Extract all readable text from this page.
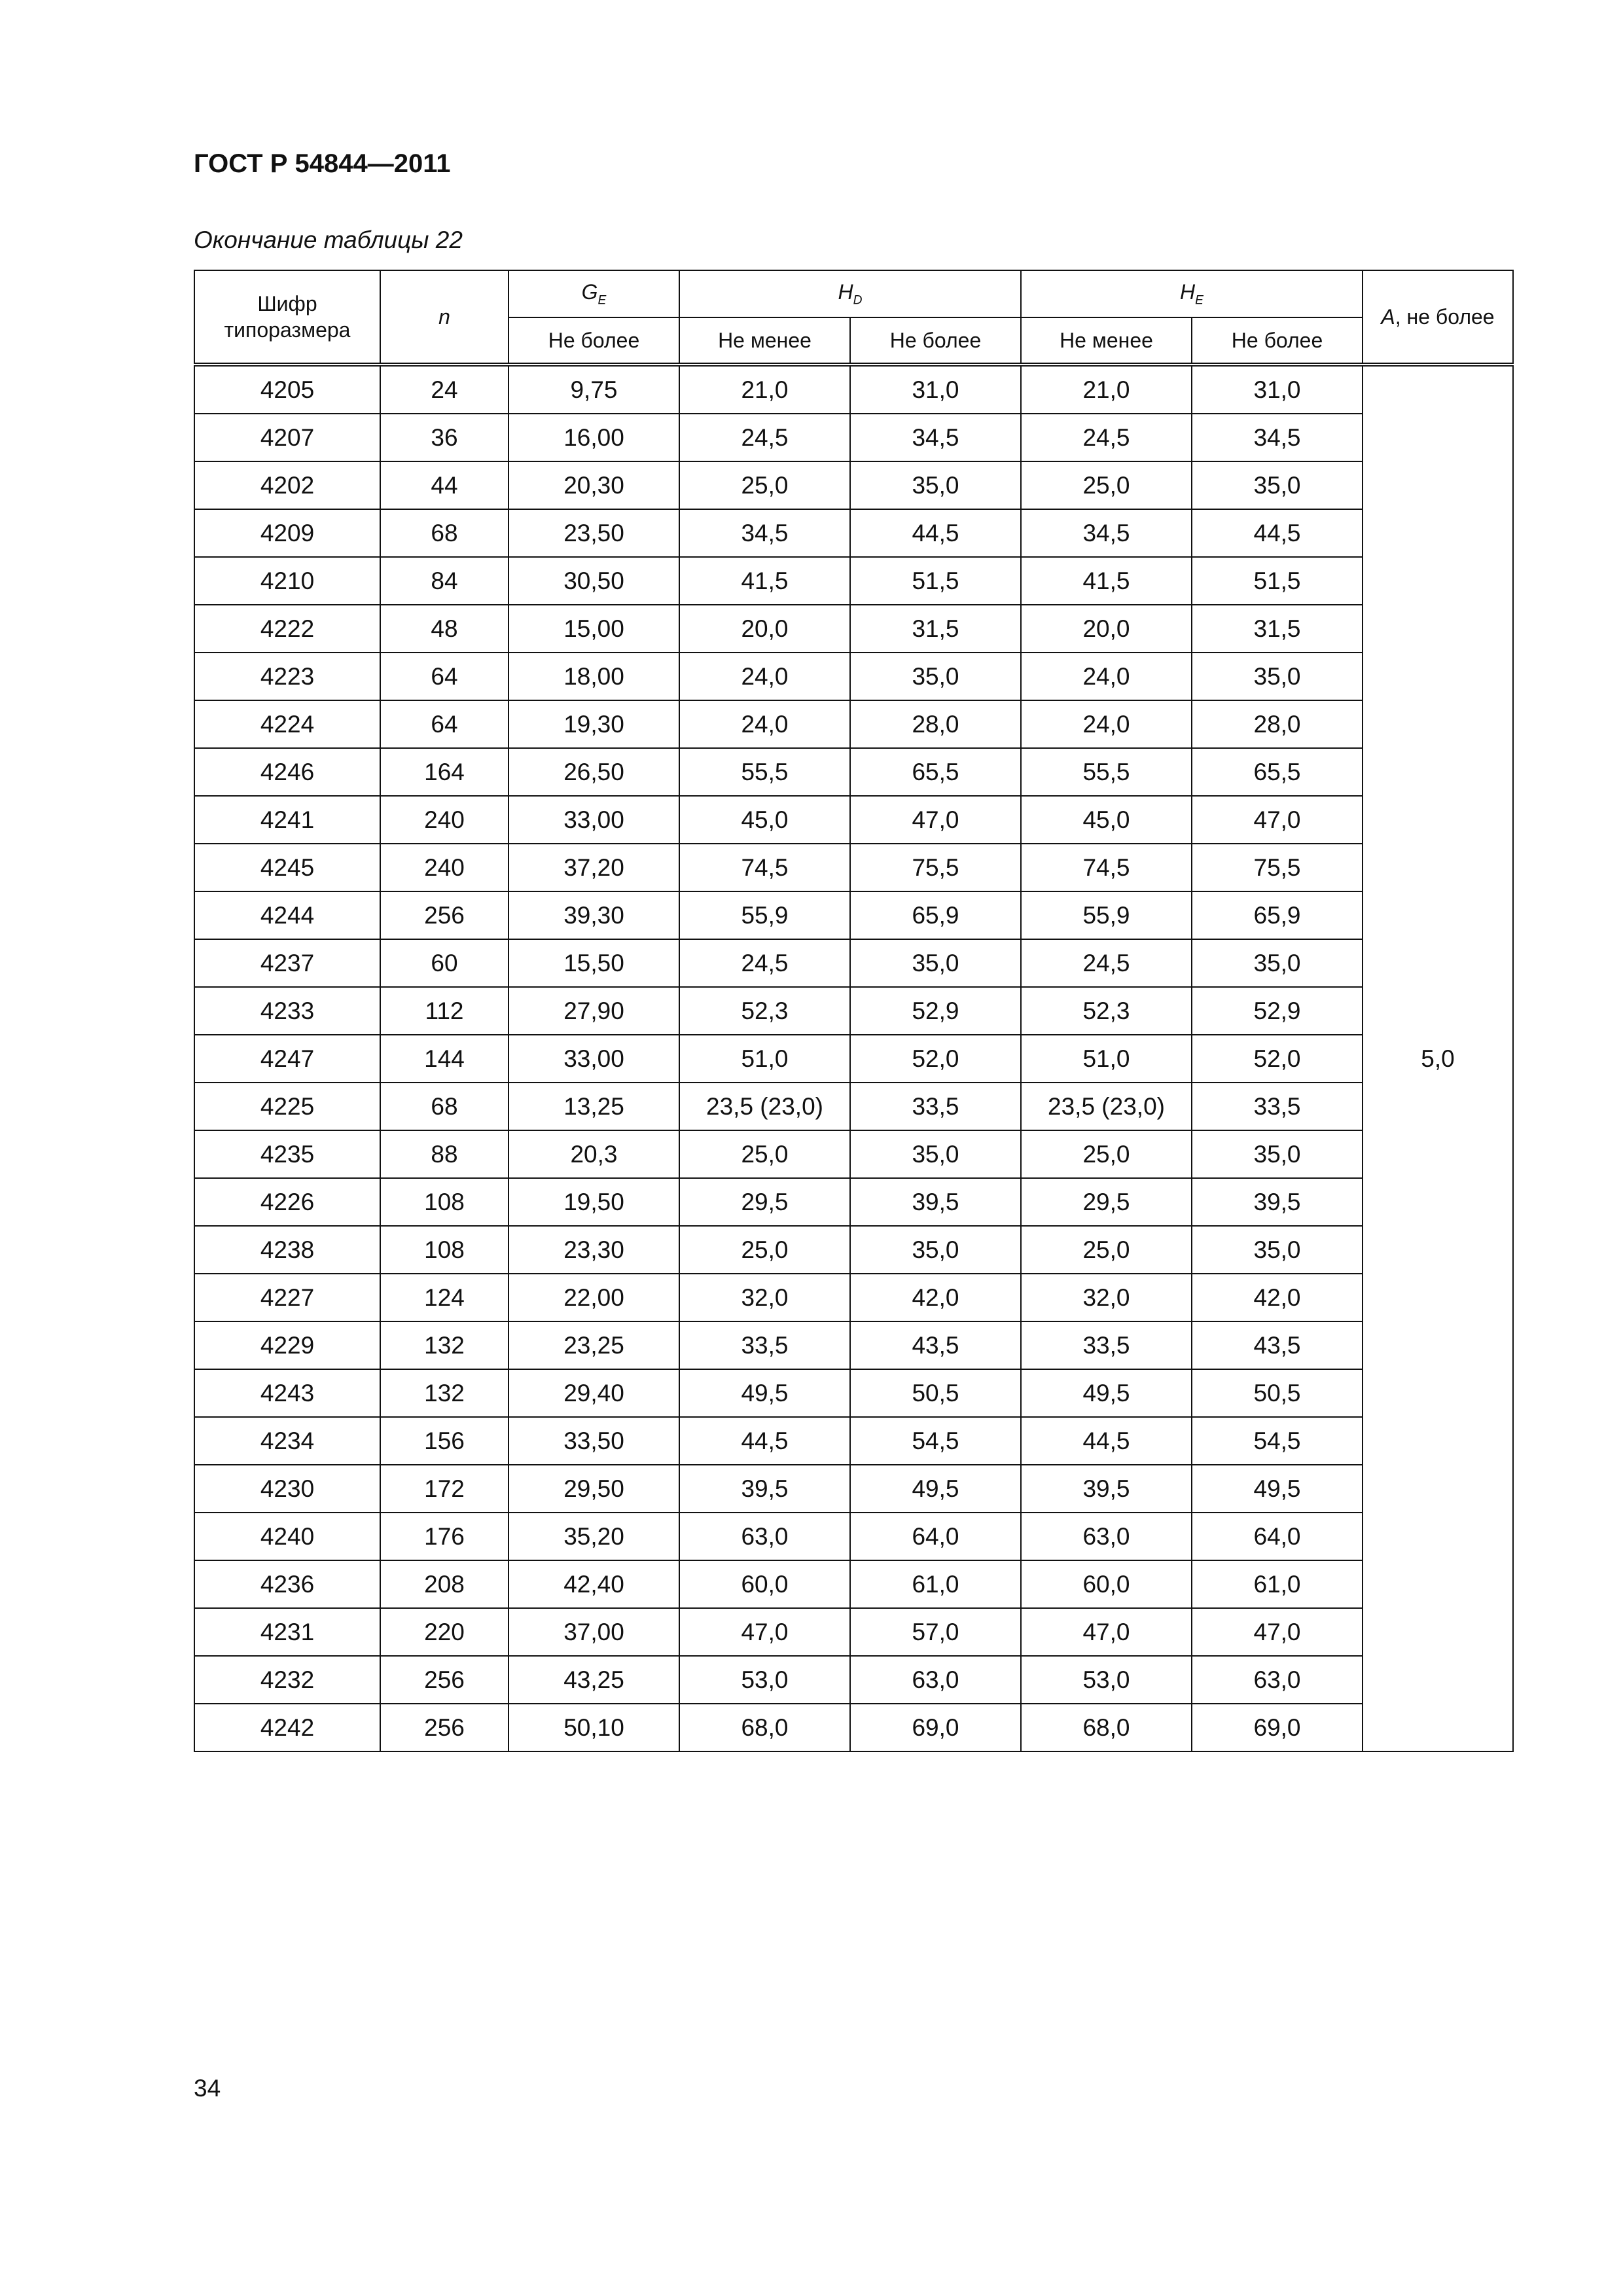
ГОСТ Р 54844—2011
Окончание таблицы 22
Шифр типоразмера	n	$G_E$	$H_D$		$H_E$		A, не более
		Не более	Не менее	Не более	Не менее	Не более	
4205	24	9,75	21,0	31,0	21,0	31,0	5,0
4207	36	16,00	24,5	34,5	24,5	34,5	
4202	44	20,30	25,0	35,0	25,0	35,0	
4209	68	23,50	34,5	44,5	34,5	44,5	
4210	84	30,50	41,5	51,5	41,5	51,5	
4222	48	15,00	20,0	31,5	20,0	31,5	
4223	64	18,00	24,0	35,0	24,0	35,0	
4224	64	19,30	24,0	28,0	24,0	28,0	
4246	164	26,50	55,5	65,5	55,5	65,5	
4241	240	33,00	45,0	47,0	45,0	47,0	
4245	240	37,20	74,5	75,5	74,5	75,5	
4244	256	39,30	55,9	65,9	55,9	65,9	
4237	60	15,50	24,5	35,0	24,5	35,0	
4233	112	27,90	52,3	52,9	52,3	52,9	
4247	144	33,00	51,0	52,0	51,0	52,0	
4225	68	13,25	23,5 (23,0)	33,5	23,5 (23,0)	33,5	
4235	88	20,3	25,0	35,0	25,0	35,0	
4226	108	19,50	29,5	39,5	29,5	39,5	
4238	108	23,30	25,0	35,0	25,0	35,0	
4227	124	22,00	32,0	42,0	32,0	42,0	
4229	132	23,25	33,5	43,5	33,5	43,5	
4243	132	29,40	49,5	50,5	49,5	50,5	
4234	156	33,50	44,5	54,5	44,5	54,5	
4230	172	29,50	39,5	49,5	39,5	49,5	
4240	176	35,20	63,0	64,0	63,0	64,0	
4236	208	42,40	60,0	61,0	60,0	61,0	
4231	220	37,00	47,0	57,0	47,0	47,0	
4232	256	43,25	53,0	63,0	53,0	63,0	
4242	256	50,10	68,0	69,0	68,0	69,0	
34
